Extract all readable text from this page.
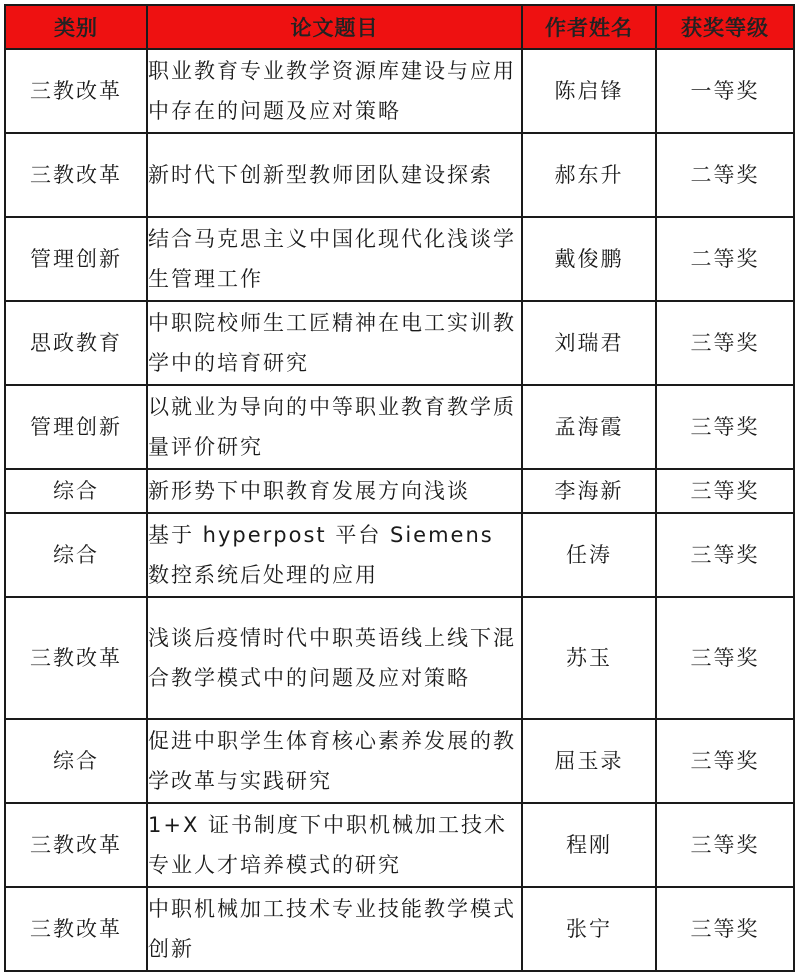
类别	论文题目	作者姓名	获奖等级
三教改革	职业教育专业教学资源库建设与应用中存在的问题及应对策略	陈启锋	一等奖
三教改革	新时代下创新型教师团队建设探索	郝东升	二等奖
管理创新	结合马克思主义中国化现代化浅谈学生管理工作	戴俊鹏	二等奖
思政教育	中职院校师生工匠精神在电工实训教学中的培育研究	刘瑞君	三等奖
管理创新	以就业为导向的中等职业教育教学质量评价研究	孟海霞	三等奖
综合	新形势下中职教育发展方向浅谈	李海新	三等奖
综合	基于 hyperpost 平台 Siemens 数控系统后处理的应用	任涛	三等奖
三教改革	浅谈后疫情时代中职英语线上线下混合教学模式中的问题及应对策略	苏玉	三等奖
综合	促进中职学生体育核心素养发展的教学改革与实践研究	屈玉录	三等奖
三教改革	1+X 证书制度下中职机械加工技术专业人才培养模式的研究	程刚	三等奖
三教改革	中职机械加工技术专业技能教学模式创新	张宁	三等奖
